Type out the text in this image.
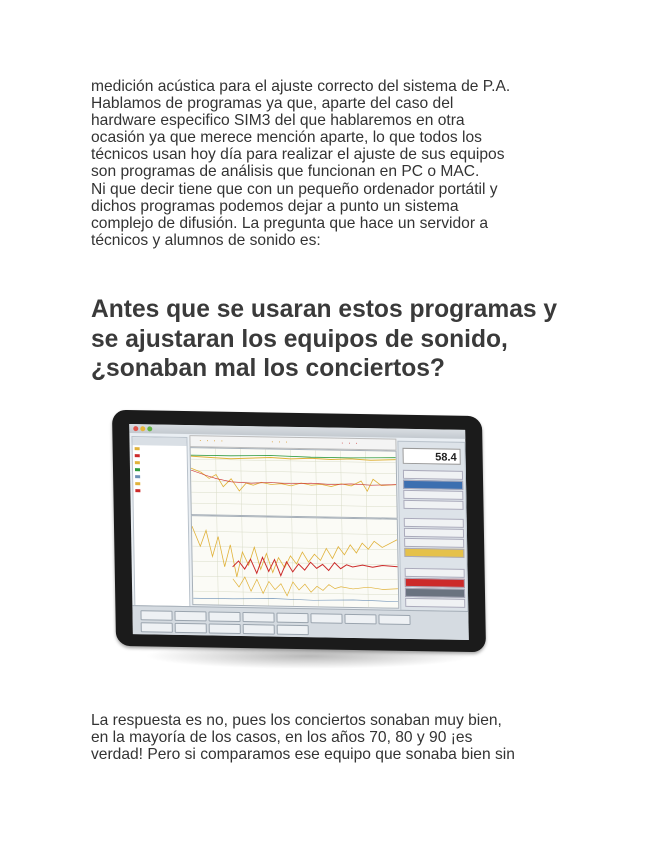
medición acústica para el ajuste correcto del sistema de P.A.
Hablamos de programas ya que, aparte del caso del
hardware especifico SIM3 del que hablaremos en otra
ocasión ya que merece mención aparte, lo que todos los
técnicos usan hoy día para realizar el ajuste de sus equipos
son programas de análisis que funcionan en PC o MAC.
Ni que decir tiene que con un pequeño ordenador portátil y
dichos programas podemos dejar a punto un sistema
complejo de difusión. La pregunta que hace un servidor a
técnicos y alumnos de sonido es:

Antes que se usaran estos programas y
se ajustaran los equipos de sonido,
¿sonaban mal los conciertos?
· · · ·	· · ·	· · ·
58.4

La respuesta es no, pues los conciertos sonaban muy bien,
en la mayoría de los casos, en los años 70, 80 y 90 ¡es
verdad! Pero si comparamos ese equipo que sonaba bien sin
